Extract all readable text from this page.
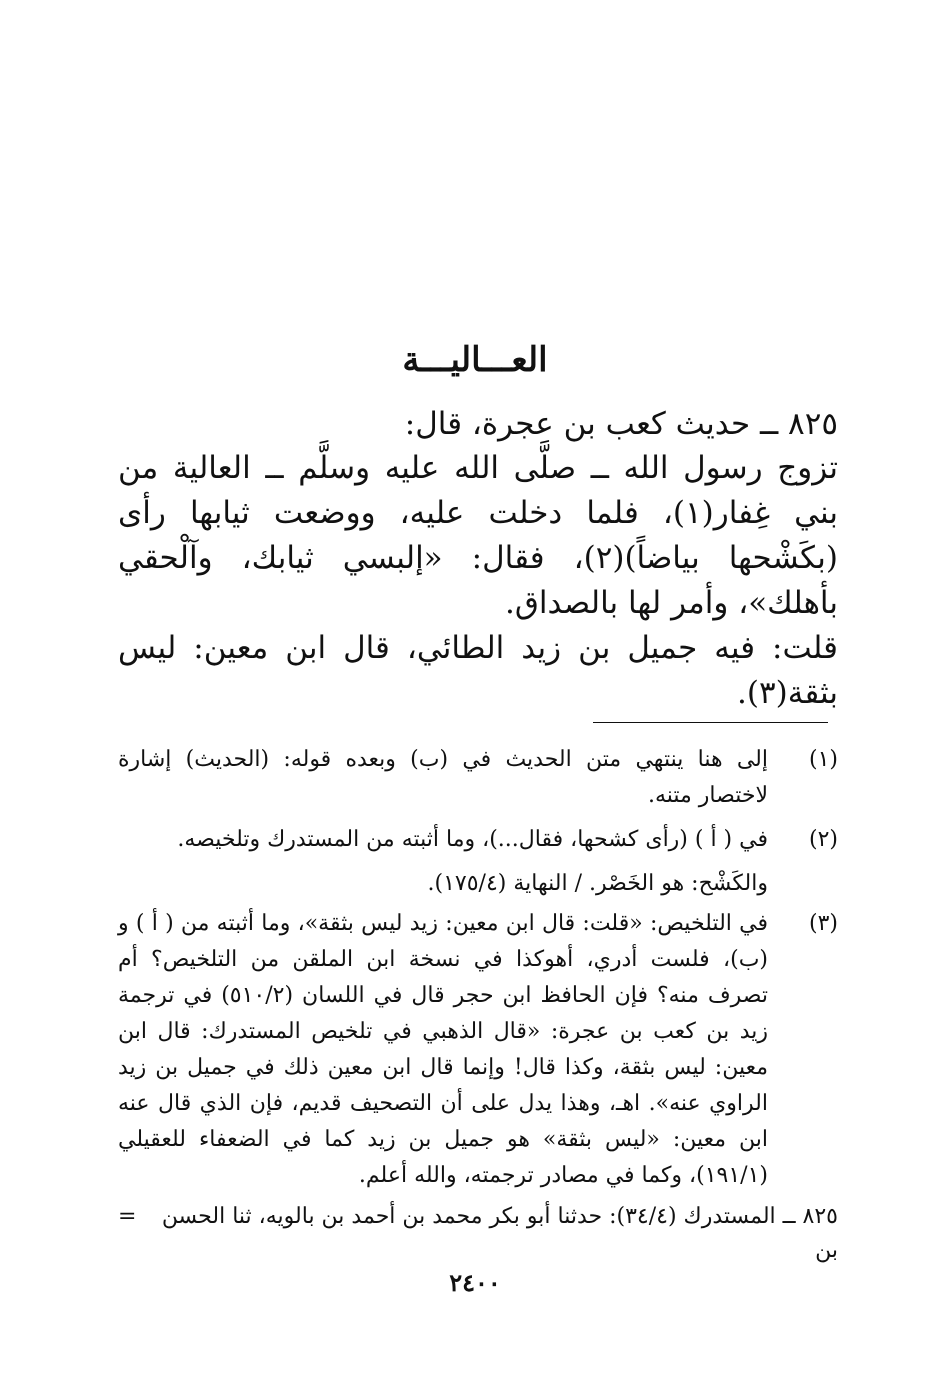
العـــاليـــة

٨٢٥ ــ حديث كعب بن عجرة، قال:

تزوج رسول الله ــ صلَّى الله عليه وسلَّم ــ العالية من بني غِفار(١)، فلما دخلت عليه، ووضعت ثيابها رأى (بكَشْحها بياضاً)(٢)، فقال: «إلبسي ثيابك، وآلْحقي بأهلك»، وأمر لها بالصداق.

قلت: فيه جميل بن زيد الطائي، قال ابن معين: ليس بثقة(٣).

(١)
إلى هنا ينتهي متن الحديث في (ب) وبعده قوله: (الحديث) إشارة لاختصار متنه.
(٢)
في ( أ ) (رأى كشحها، فقال...)، وما أثبته من المستدرك وتلخيصه.
والكَشْح: هو الخَصْر. / النهاية (١٧٥/٤).
(٣)
في التلخيص: «قلت: قال ابن معين: زيد ليس بثقة»، وما أثبته من ( أ ) و (ب)، فلست أدري، أهوكذا في نسخة ابن الملقن من التلخيص؟ أم تصرف منه؟ فإن الحافظ ابن حجر قال في اللسان (٥١٠/٢) في ترجمة زيد بن كعب بن عجرة: «قال الذهبي في تلخيص المستدرك: قال ابن معين: ليس بثقة، وكذا قال! وإنما قال ابن معين ذلك في جميل بن زيد الراوي عنه». اهـ، وهذا يدل على أن التصحيف قديم، فإن الذي قال عنه ابن معين: «ليس بثقة» هو جميل بن زيد كما في الضعفاء للعقيلي (١٩١/١)، وكما في مصادر ترجمته، والله أعلم.
٨٢٥ ــ المستدرك (٣٤/٤): حدثنا أبو بكر محمد بن أحمد بن بالويه، ثنا الحسن بن
=
٢٤٠٠
